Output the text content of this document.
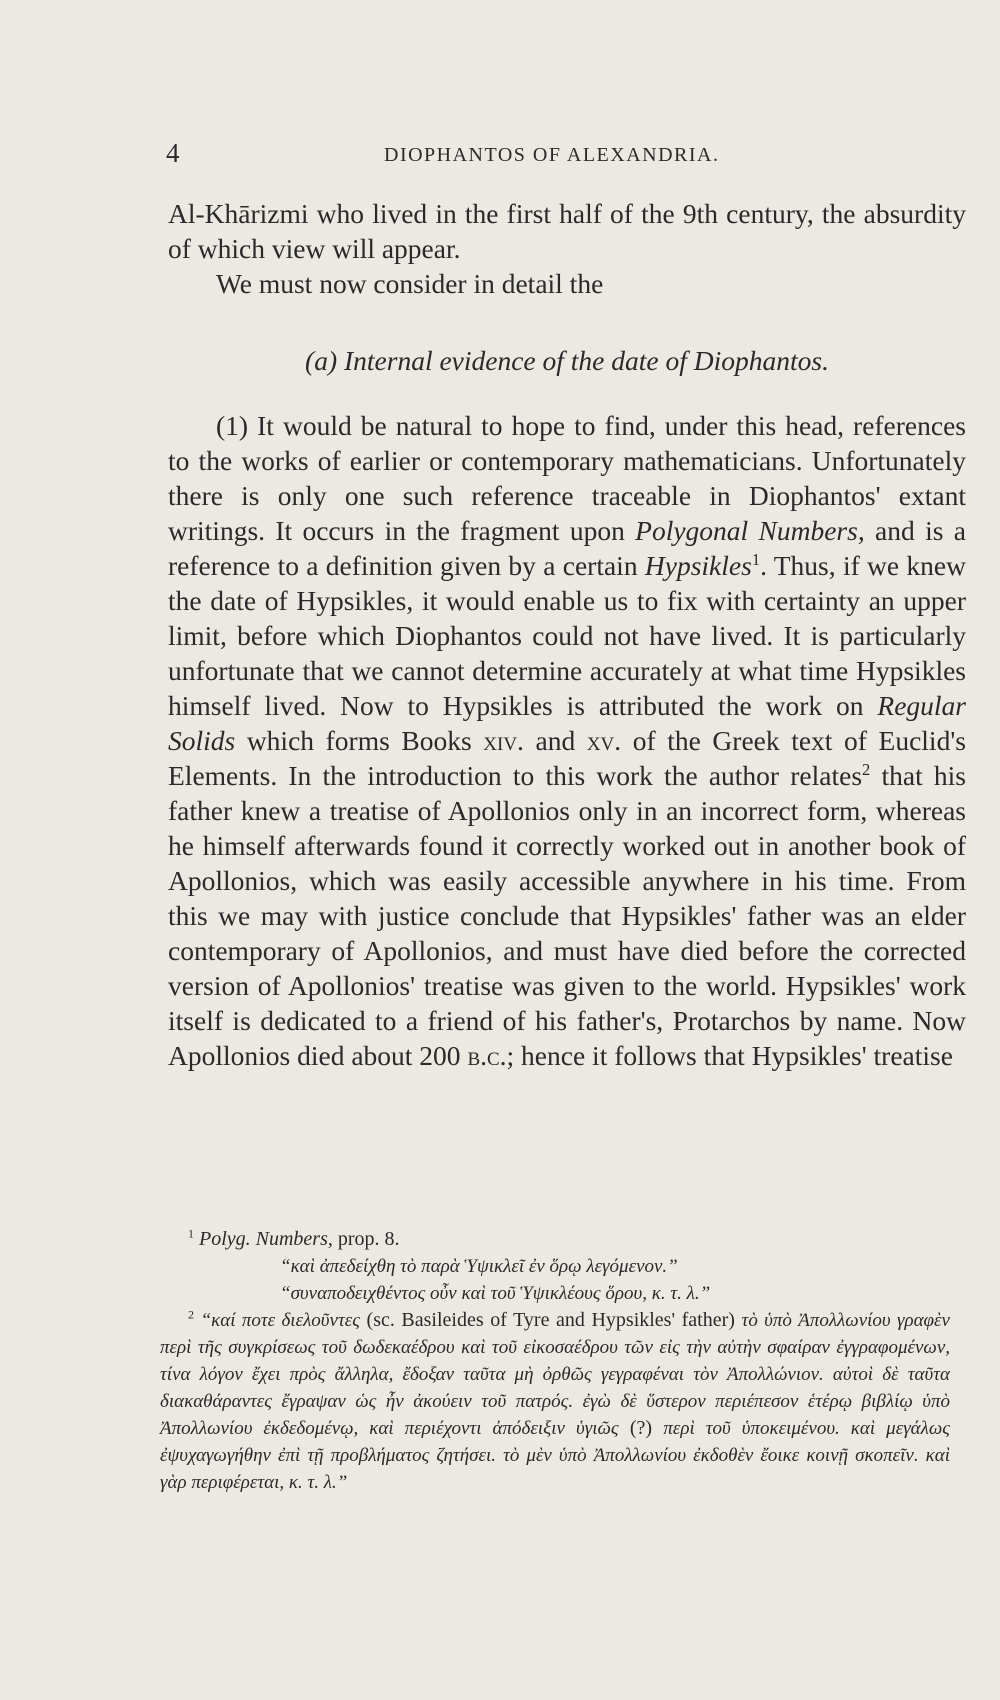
4	DIOPHANTOS OF ALEXANDRIA.

Al-Khārizmi who lived in the first half of the 9th century, the absurdity of which view will appear.

We must now consider in detail the

(a) Internal evidence of the date of Diophantos.

(1) It would be natural to hope to find, under this head, references to the works of earlier or contemporary mathematicians. Unfortunately there is only one such reference traceable in Diophantos' extant writings. It occurs in the fragment upon Polygonal Numbers, and is a reference to a definition given by a certain Hypsikles$^1$. Thus, if we knew the date of Hypsikles, it would enable us to fix with certainty an upper limit, before which Diophantos could not have lived. It is particularly unfortunate that we cannot determine accurately at what time Hypsikles himself lived. Now to Hypsikles is attributed the work on Regular Solids which forms Books xiv. and xv. of the Greek text of Euclid's Elements. In the introduction to this work the author relates$^2$ that his father knew a treatise of Apollonios only in an incorrect form, whereas he himself afterwards found it correctly worked out in another book of Apollonios, which was easily accessible anywhere in his time. From this we may with justice conclude that Hypsikles' father was an elder contemporary of Apollonios, and must have died before the corrected version of Apollonios' treatise was given to the world. Hypsikles' work itself is dedicated to a friend of his father's, Protarchos by name. Now Apollonios died about 200 b.c.; hence it follows that Hypsikles' treatise

$^1$ Polyg. Numbers, prop. 8.

“καὶ ἀπεδείχθη τὸ παρὰ Ὑψικλεῖ ἐν ὅρῳ λεγόμενον.”

“συναποδειχθέντος οὖν καὶ τοῦ Ὑψικλέους ὅρου, κ. τ. λ.”

$^2$ “καί ποτε διελοῦντες (sc. Basileides of Tyre and Hypsikles' father) τὸ ὑπὸ Ἀπολλωνίου γραφὲν περὶ τῆς συγκρίσεως τοῦ δωδεκαέδρου καὶ τοῦ εἰκοσαέδρου τῶν εἰς τὴν αὐτὴν σφαίραν ἐγγραφομένων, τίνα λόγον ἔχει πρὸς ἄλληλα, ἔδοξαν ταῦτα μὴ ὀρθῶς γεγραφέναι τὸν Ἀπολλώνιον. αὐτοὶ δὲ ταῦτα διακαθάραντες ἔγραψαν ὡς ἦν ἀκούειν τοῦ πατρός. ἐγὼ δὲ ὕστερον περιέπεσον ἑτέρῳ βιβλίῳ ὑπὸ Ἀπολλωνίου ἐκδεδομένῳ, καὶ περιέχοντι ἀπόδειξιν ὑγιῶς (?) περὶ τοῦ ὑποκειμένου. καὶ μεγάλως ἐψυχαγωγήθην ἐπὶ τῇ προβλήματος ζητήσει. τὸ μὲν ὑπὸ Ἀπολλωνίου ἐκδοθὲν ἔοικε κοινῇ σκοπεῖν. καὶ γὰρ περιφέρεται, κ. τ. λ.”
